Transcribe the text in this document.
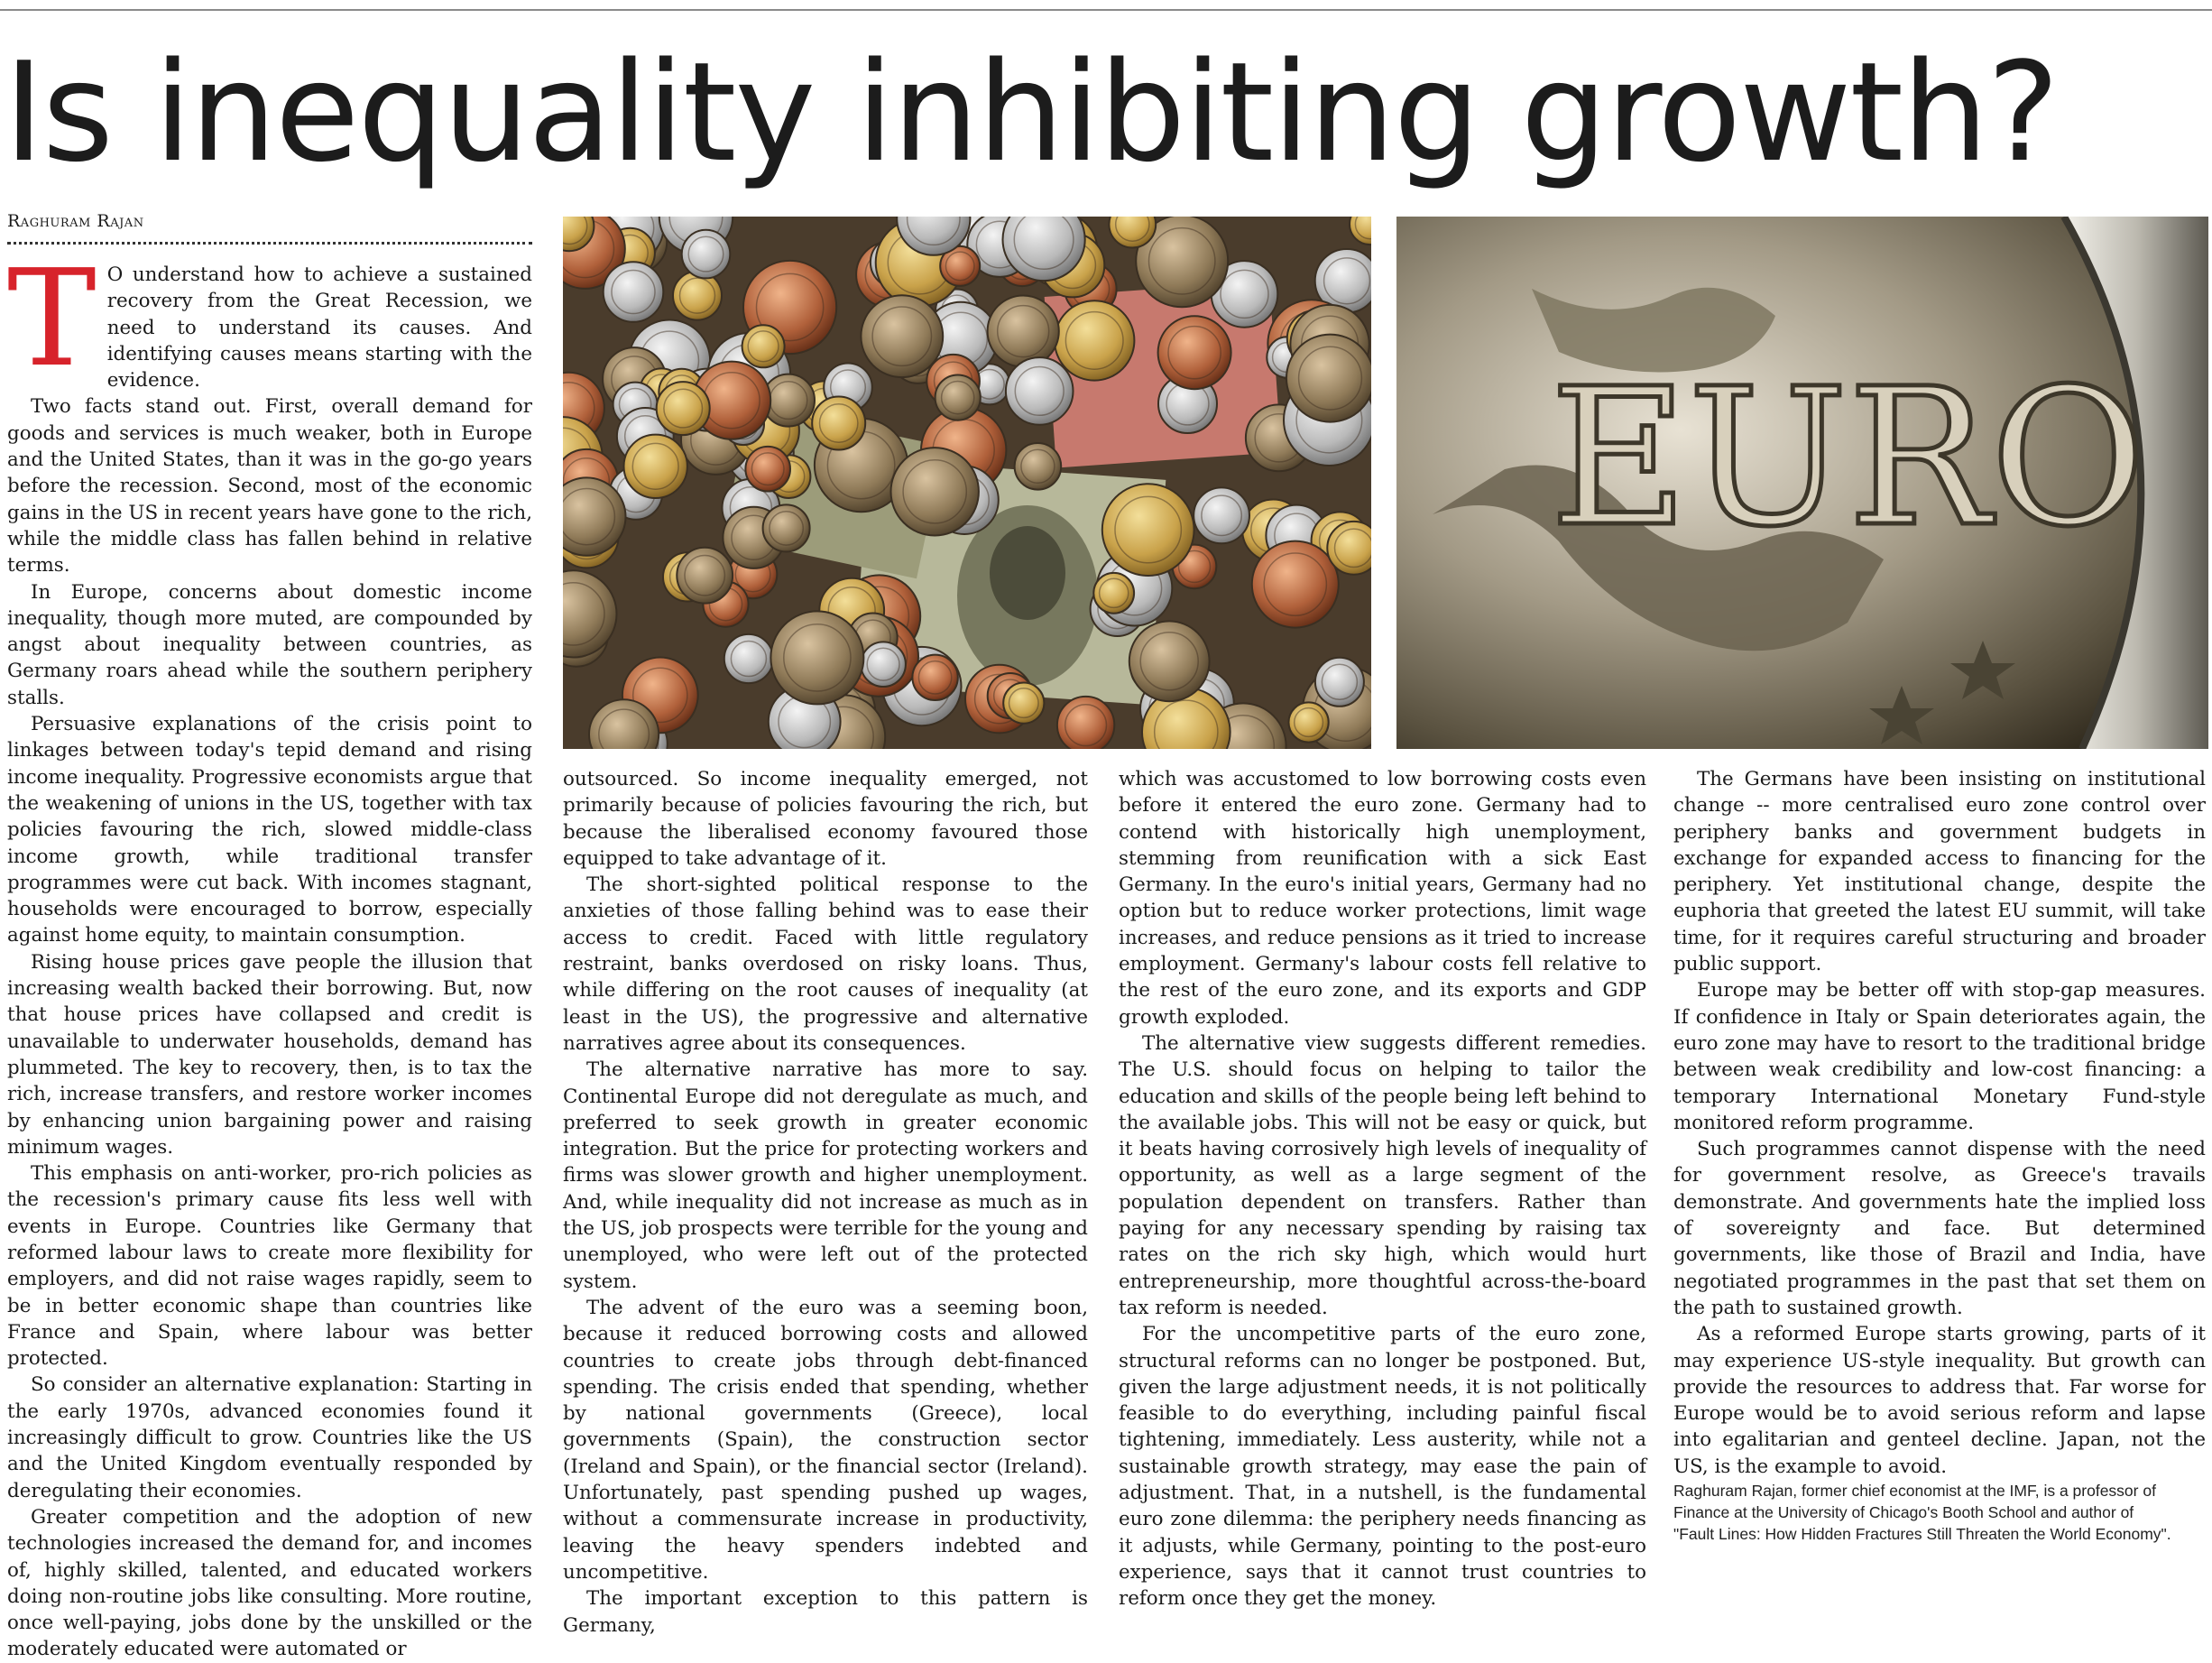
Is inequality inhibiting growth?
Raghuram Rajan

T O understand how to achieve a sustained recovery from the Great Recession, we need to understand its causes. And identifying causes means starting with the evidence.

Two facts stand out. First, overall demand for goods and services is much weaker, both in Europe and the United States, than it was in the go-go years before the recession. Second, most of the economic gains in the US in recent years have gone to the rich, while the middle class has fallen behind in relative terms.

In Europe, concerns about domestic income inequality, though more muted, are compounded by angst about inequality between countries, as Germany roars ahead while the southern periphery stalls.

Persuasive explanations of the crisis point to linkages between today's tepid demand and rising income inequality. Progressive economists argue that the weakening of unions in the US, together with tax policies favouring the rich, slowed middle-class income growth, while traditional transfer programmes were cut back. With incomes stagnant, households were encouraged to borrow, especially against home equity, to maintain consumption.

Rising house prices gave people the illusion that increasing wealth backed their borrowing. But, now that house prices have collapsed and credit is unavailable to underwater households, demand has plummeted. The key to recovery, then, is to tax the rich, increase transfers, and restore worker incomes by enhancing union bargaining power and raising minimum wages.

This emphasis on anti-worker, pro-rich policies as the recession's primary cause fits less well with events in Europe. Countries like Germany that reformed labour laws to create more flexibility for employers, and did not raise wages rapidly, seem to be in better economic shape than countries like France and Spain, where labour was better protected.

So consider an alternative explanation: Starting in the early 1970s, advanced economies found it increasingly difficult to grow. Countries like the US and the United Kingdom eventually responded by deregulating their economies.

Greater competition and the adoption of new technologies increased the demand for, and incomes of, highly skilled, talented, and educated workers doing non-routine jobs like consulting. More routine, once well-paying, jobs done by the unskilled or the moderately educated were automated or

EURO

outsourced. So income inequality emerged, not primarily because of policies favouring the rich, but because the liberalised economy favoured those equipped to take advantage of it.

The short-sighted political response to the anxieties of those falling behind was to ease their access to credit. Faced with little regulatory restraint, banks overdosed on risky loans. Thus, while differing on the root causes of inequality (at least in the US), the progressive and alternative narratives agree about its consequences.

The alternative narrative has more to say. Continental Europe did not deregulate as much, and preferred to seek growth in greater economic integration. But the price for protecting workers and firms was slower growth and higher unemployment. And, while inequality did not increase as much as in the US, job prospects were terrible for the young and unemployed, who were left out of the protected system.

The advent of the euro was a seeming boon, because it reduced borrowing costs and allowed countries to create jobs through debt-financed spending. The crisis ended that spending, whether by national governments (Greece), local governments (Spain), the construction sector (Ireland and Spain), or the financial sector (Ireland). Unfortunately, past spending pushed up wages, without a commensurate increase in productivity, leaving the heavy spenders indebted and uncompetitive.

The important exception to this pattern is Germany,

which was accustomed to low borrowing costs even before it entered the euro zone. Germany had to contend with historically high unemployment, stemming from reunification with a sick East Germany. In the euro's initial years, Germany had no option but to reduce worker protections, limit wage increases, and reduce pensions as it tried to increase employment. Germany's labour costs fell relative to the rest of the euro zone, and its exports and GDP growth exploded.

The alternative view suggests different remedies. The U.S. should focus on helping to tailor the education and skills of the people being left behind to the available jobs. This will not be easy or quick, but it beats having corrosively high levels of inequality of opportunity, as well as a large segment of the population dependent on transfers. Rather than paying for any necessary spending by raising tax rates on the rich sky high, which would hurt entrepreneurship, more thoughtful across-the-board tax reform is needed.

For the uncompetitive parts of the euro zone, structural reforms can no longer be postponed. But, given the large adjustment needs, it is not politically feasible to do everything, including painful fiscal tightening, immediately. Less austerity, while not a sustainable growth strategy, may ease the pain of adjustment. That, in a nutshell, is the fundamental euro zone dilemma: the periphery needs financing as it adjusts, while Germany, pointing to the post-euro experience, says that it cannot trust countries to reform once they get the money.

The Germans have been insisting on institutional change -- more centralised euro zone control over periphery banks and government budgets in exchange for expanded access to financing for the periphery. Yet institutional change, despite the euphoria that greeted the latest EU summit, will take time, for it requires careful structuring and broader public support.

Europe may be better off with stop-gap measures. If confidence in Italy or Spain deteriorates again, the euro zone may have to resort to the traditional bridge between weak credibility and low-cost financing: a temporary International Monetary Fund-style monitored reform programme.

Such programmes cannot dispense with the need for government resolve, as Greece's travails demonstrate. And governments hate the implied loss of sovereignty and face. But determined governments, like those of Brazil and India, have negotiated programmes in the past that set them on the path to sustained growth.

As a reformed Europe starts growing, parts of it may experience US-style inequality. But growth can provide the resources to address that. Far worse for Europe would be to avoid serious reform and lapse into egalitarian and genteel decline. Japan, not the US, is the example to avoid.

Raghuram Rajan, former chief economist at the IMF, is a professor of
Finance at the University of Chicago's Booth School and author of
"Fault Lines: How Hidden Fractures Still Threaten the World Economy".
